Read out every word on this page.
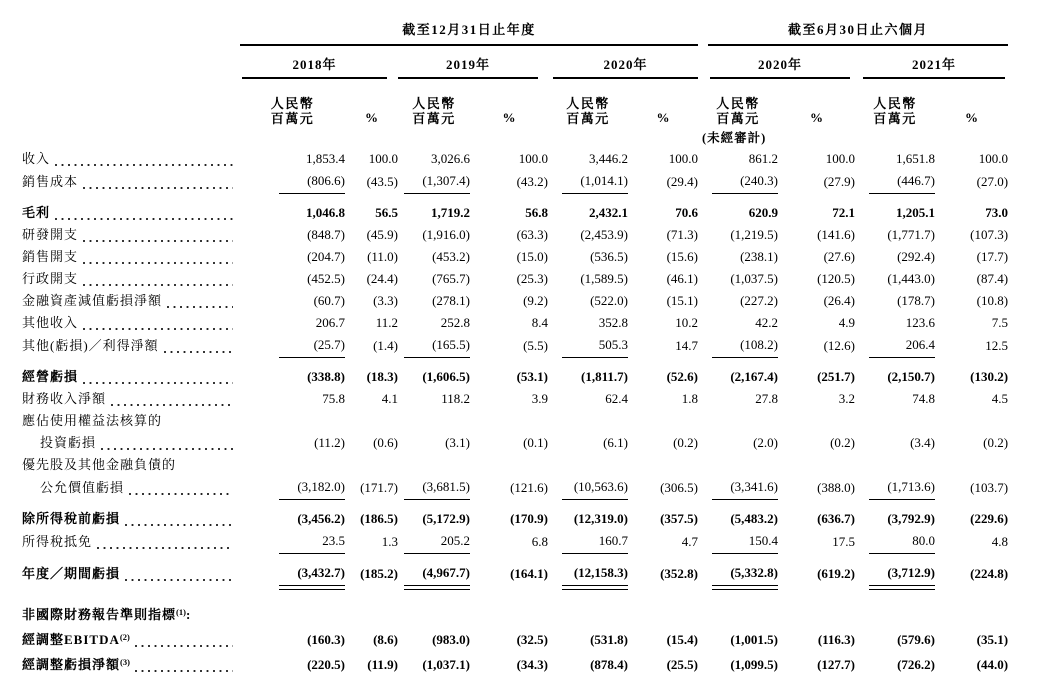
	截至12月31日止年度						截至6月30日止六個月			

	2018年		2019年		2020年		2020年		2021年	

	人民幣
百萬元	%	人民幣
百萬元	%	人民幣
百萬元	%	人民幣
百萬元	%	人民幣
百萬元	%
							(未經審計)			

收入	1,853.4	100.0	3,026.6	100.0	3,446.2	100.0	861.2	100.0	1,651.8	100.0

銷售成本	(806.6)	(43.5)	(1,307.4)	(43.2)	(1,014.1)	(29.4)	(240.3)	(27.9)	(446.7)	(27.0)

毛利	1,046.8	56.5	1,719.2	56.8	2,432.1	70.6	620.9	72.1	1,205.1	73.0

研發開支	(848.7)	(45.9)	(1,916.0)	(63.3)	(2,453.9)	(71.3)	(1,219.5)	(141.6)	(1,771.7)	(107.3)

銷售開支	(204.7)	(11.0)	(453.2)	(15.0)	(536.5)	(15.6)	(238.1)	(27.6)	(292.4)	(17.7)

行政開支	(452.5)	(24.4)	(765.7)	(25.3)	(1,589.5)	(46.1)	(1,037.5)	(120.5)	(1,443.0)	(87.4)

金融資產減值虧損淨額	(60.7)	(3.3)	(278.1)	(9.2)	(522.0)	(15.1)	(227.2)	(26.4)	(178.7)	(10.8)

其他收入	206.7	11.2	252.8	8.4	352.8	10.2	42.2	4.9	123.6	7.5

其他(虧損)／利得淨額	(25.7)	(1.4)	(165.5)	(5.5)	505.3	14.7	(108.2)	(12.6)	206.4	12.5

經營虧損	(338.8)	(18.3)	(1,606.5)	(53.1)	(1,811.7)	(52.6)	(2,167.4)	(251.7)	(2,150.7)	(130.2)

財務收入淨額	75.8	4.1	118.2	3.9	62.4	1.8	27.8	3.2	74.8	4.5

應佔使用權益法核算的										

投資虧損	(11.2)	(0.6)	(3.1)	(0.1)	(6.1)	(0.2)	(2.0)	(0.2)	(3.4)	(0.2)

優先股及其他金融負債的										

公允價值虧損	(3,182.0)	(171.7)	(3,681.5)	(121.6)	(10,563.6)	(306.5)	(3,341.6)	(388.0)	(1,713.6)	(103.7)

除所得稅前虧損	(3,456.2)	(186.5)	(5,172.9)	(170.9)	(12,319.0)	(357.5)	(5,483.2)	(636.7)	(3,792.9)	(229.6)

所得稅抵免	23.5	1.3	205.2	6.8	160.7	4.7	150.4	17.5	80.0	4.8

年度／期間虧損	(3,432.7)	(185.2)	(4,967.7)	(164.1)	(12,158.3)	(352.8)	(5,332.8)	(619.2)	(3,712.9)	(224.8)

非國際財務報告準則指標$^{(1)}$:										

經調整EBITDA$^{(2)}$	(160.3)	(8.6)	(983.0)	(32.5)	(531.8)	(15.4)	(1,001.5)	(116.3)	(579.6)	(35.1)

經調整虧損淨額$^{(3)}$	(220.5)	(11.9)	(1,037.1)	(34.3)	(878.4)	(25.5)	(1,099.5)	(127.7)	(726.2)	(44.0)
